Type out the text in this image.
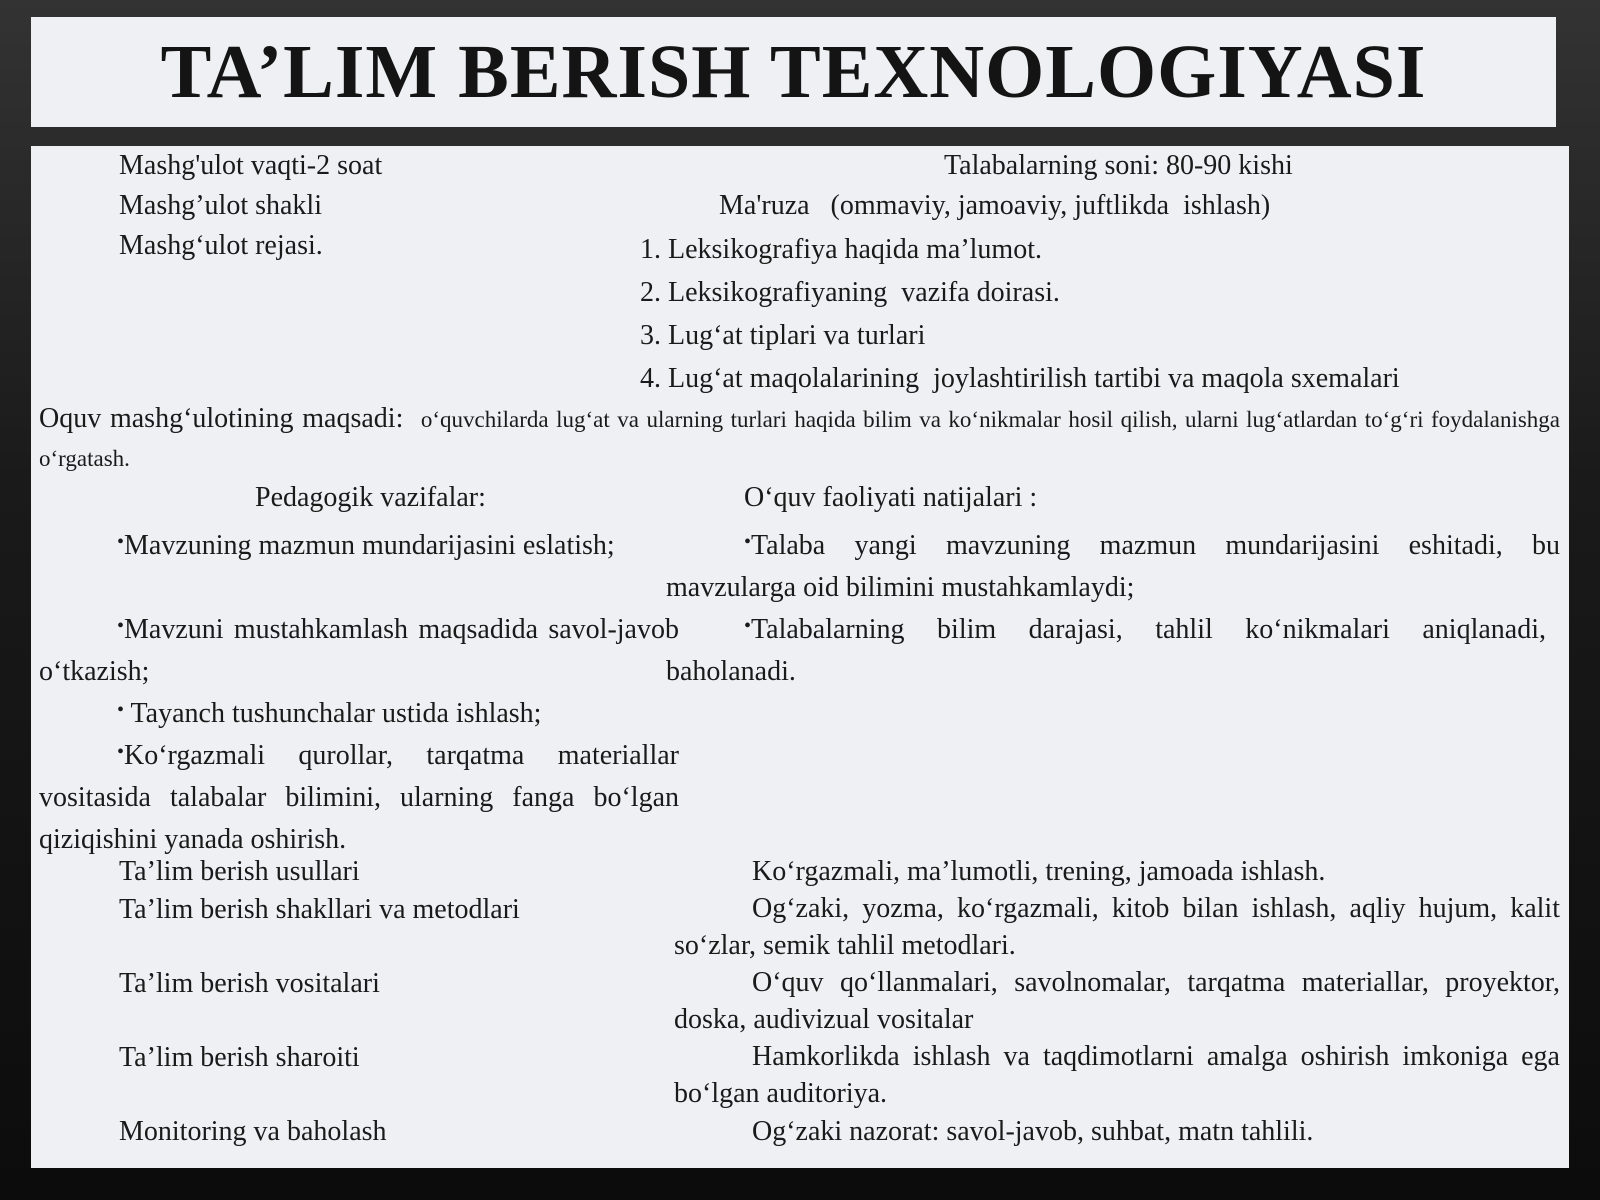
TA’LIM BERISH TEXNOLOGIYASI
Mashg'ulot vaqti-2 soat	Talabalarning soni: 80-90 kishi
Mashg’ulot shakli	Ma'ruza   (ommaviy, jamoaviy, juftlikda  ishlash)
Mashg‘ulot rejasi.	1. Leksikografiya haqida ma’lumot.
2. Leksikografiyaning  vazifa doirasi.
3. Lug‘at tiplari va turlari
4. Lug‘at maqolalarining  joylashtirilish tartibi va maqola sxemalari
Oquv mashg‘ulotining maqsadi: o‘quvchilarda lug‘at va ularning turlari haqida bilim va ko‘nikmalar hosil qilish, ularni lug‘atlardan to‘g‘ri foydalanishga o‘rgatash.
Pedagogik vazifalar:
•Mavzuning mazmun mundarijasini eslatish;
•Mavzuni mustahkamlash maqsadida savol-javob o‘tkazish;
• Tayanch tushunchalar ustida ishlash;
•Ko‘rgazmali qurollar, tarqatma materiallar vositasida talabalar bilimini, ularning fanga bo‘lgan qiziqishini yanada oshirish.
O‘quv faoliyati natijalari :
•Talaba yangi mavzuning mazmun mundarijasini eshitadi, bu mavzularga oid bilimini mustahkamlaydi;
•Talabalarning bilim darajasi, tahlil ko‘nikmalari aniqlanadi, baholanadi.
Ta’lim berish usullari	Ko‘rgazmali, ma’lumotli, trening, jamoada ishlash.
Ta’lim berish shakllari va metodlari	Og‘zaki, yozma, ko‘rgazmali, kitob bilan ishlash, aqliy hujum, kalit so‘zlar, semik tahlil metodlari.
Ta’lim berish vositalari	O‘quv qo‘llanmalari, savolnomalar, tarqatma materiallar, proyektor, doska, audivizual vositalar
Ta’lim berish sharoiti	Hamkorlikda ishlash va taqdimotlarni amalga oshirish imkoniga ega bo‘lgan auditoriya.
Monitoring va baholash	Og‘zaki nazorat: savol-javob, suhbat, matn tahlili.
